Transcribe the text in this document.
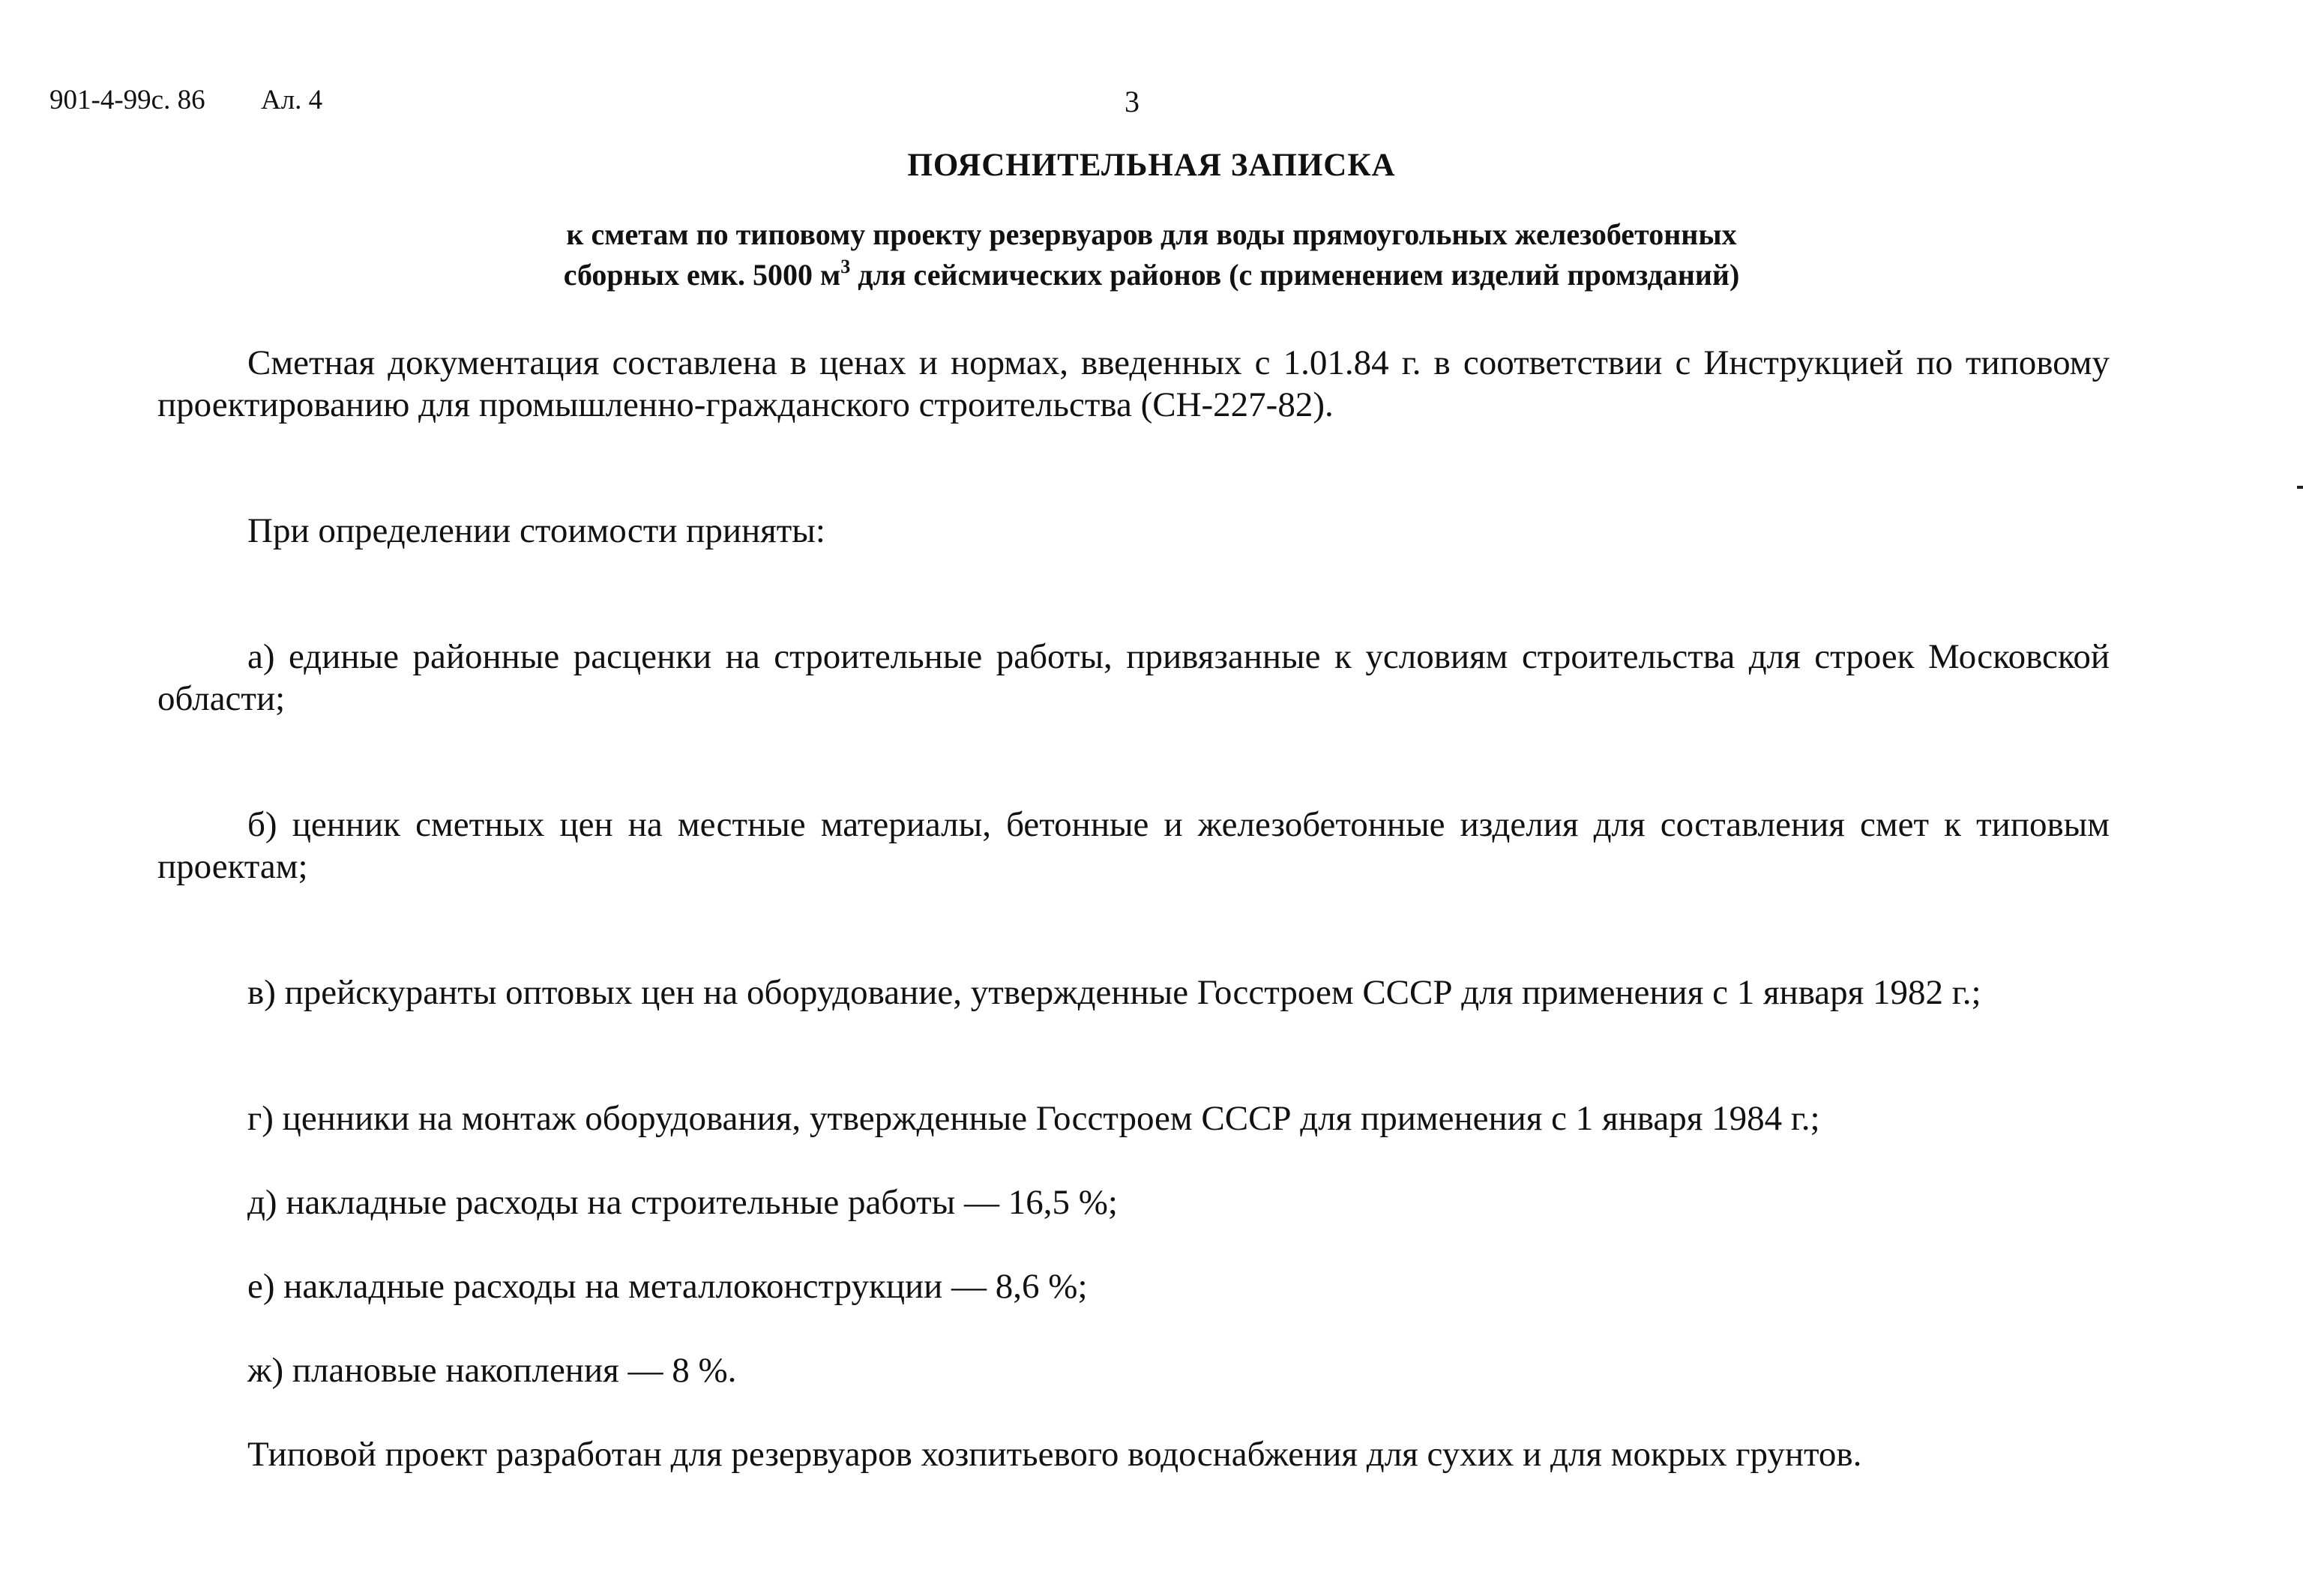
901-4-99с. 86 Ал. 4	3
ПОЯСНИТЕЛЬНАЯ ЗАПИСКА
к сметам по типовому проекту резервуаров для воды прямоугольных железобетонных
сборных емк. 5000 $м^3$ для сейсмических районов (с применением изделий промзданий)

Сметная документация составлена в ценах и нормах, введенных с 1.01.84 г. в соответствии с Инструкцией по типовому проектированию для промышленно-гражданского строительства (СН-227-82).

При определении стоимости приняты:

а) единые районные расценки на строительные работы, привязанные к условиям строительства для строек Московской области;

б) ценник сметных цен на местные материалы, бетонные и железобетонные изделия для составления смет к типовым проектам;

в) прейскуранты оптовых цен на оборудование, утвержденные Госстроем СССР для применения с 1 января 1982 г.;

г) ценники на монтаж оборудования, утвержденные Госстроем СССР для применения с 1 января 1984 г.;

д) накладные расходы на строительные работы — 16,5 %;

е) накладные расходы на металлоконструкции — 8,6 %;

ж) плановые накопления — 8 %.

Типовой проект разработан для резервуаров хозпитьевого водоснабжения для сухих и для мокрых грунтов.
